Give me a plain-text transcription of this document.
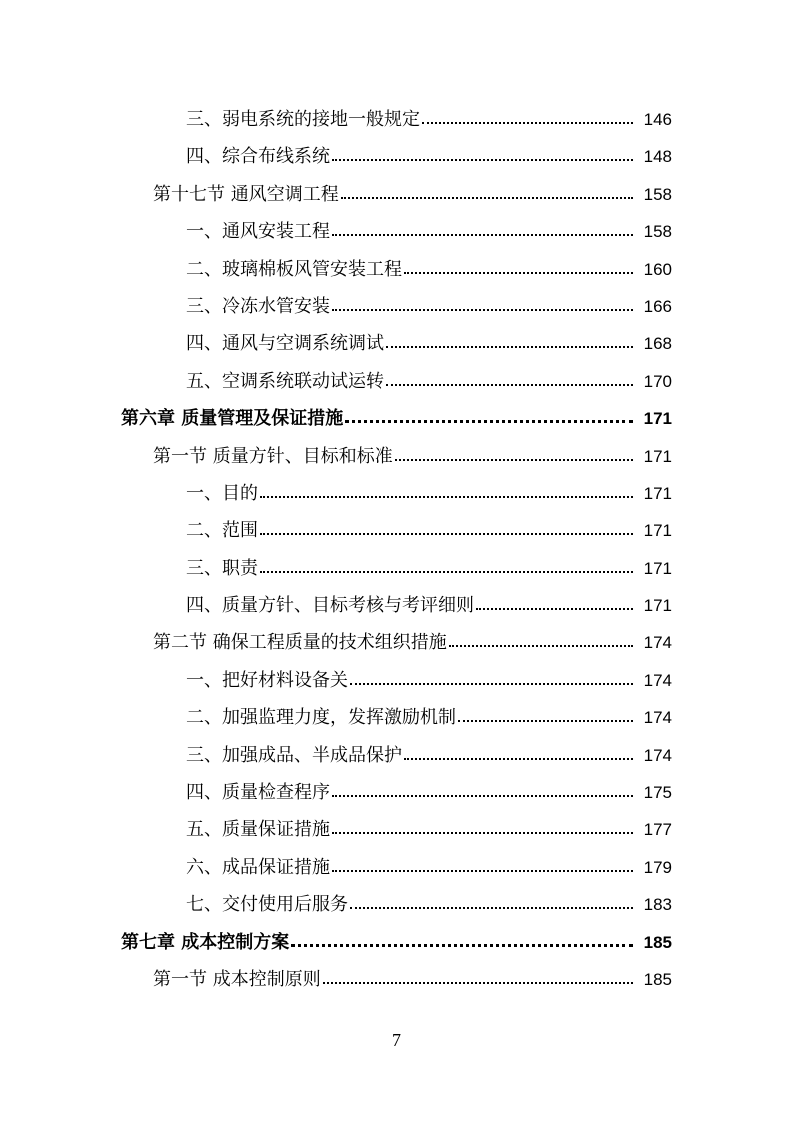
三、弱电系统的接地一般规定	146
四、综合布线系统	148
第十七节 通风空调工程	158
一、通风安装工程	158
二、玻璃棉板风管安装工程	160
三、冷冻水管安装	166
四、通风与空调系统调试	168
五、空调系统联动试运转	170
第六章 质量管理及保证措施	171
第一节 质量方针、目标和标准	171
一、目的	171
二、范围	171
三、职责	171
四、质量方针、目标考核与考评细则	171
第二节 确保工程质量的技术组织措施	174
一、把好材料设备关	174
二、加强监理力度，发挥激励机制	174
三、加强成品、半成品保护	174
四、质量检查程序	175
五、质量保证措施	177
六、成品保证措施	179
七、交付使用后服务	183
第七章 成本控制方案	185
第一节 成本控制原则	185
7
